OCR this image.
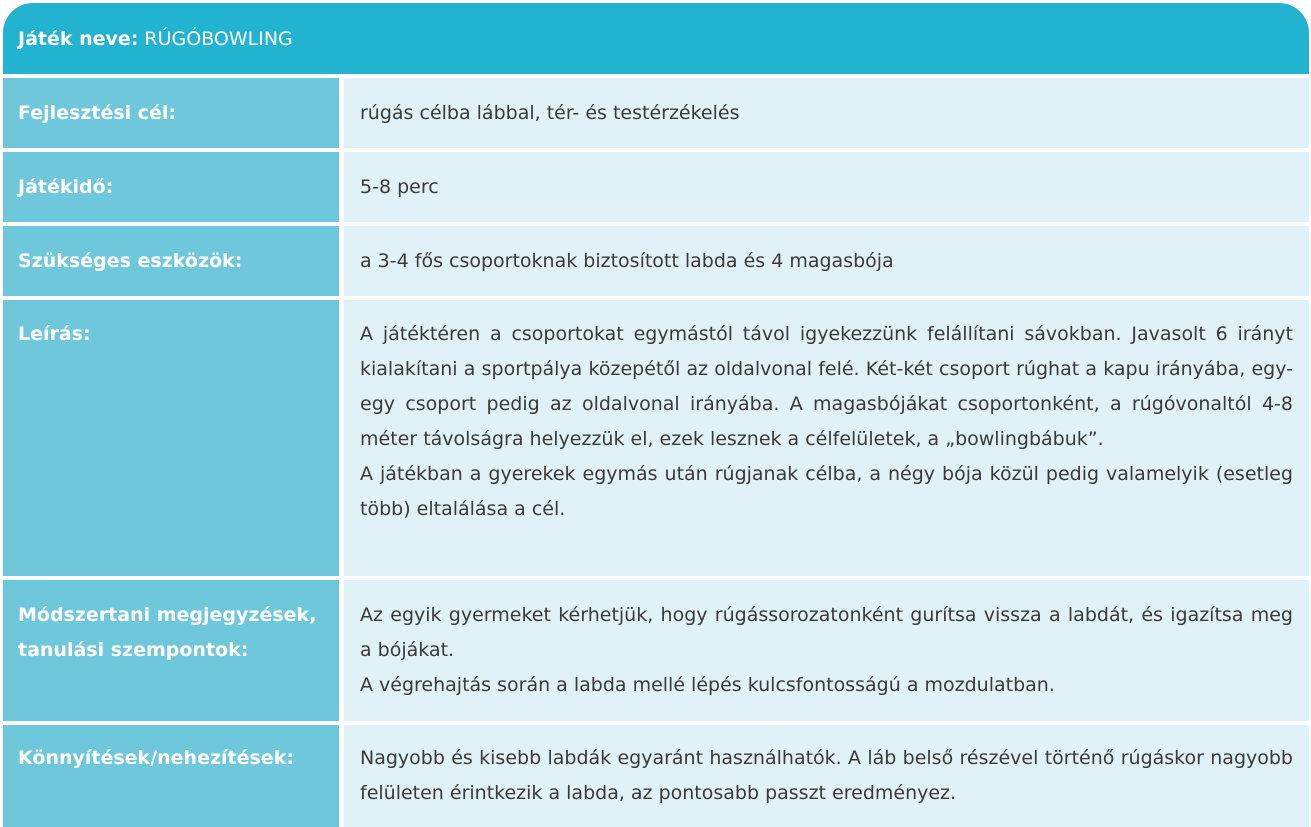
Játék neve: RÚGÓBOWLING
Fejlesztési cél:	rúgás célba lábbal, tér- és testérzékelés
Játékidő:	5-8 perc
Szükséges eszközök:	a 3-4 fős csoportoknak biztosított labda és 4 magasbója
Leírás:	A játéktéren a csoportokat egymástól távol igyekezzünk felállítani sávokban. Javasolt 6 irányt kialakítani a sportpálya közepétől az oldalvonal felé. Két-két csoport rúghat a kapu irányába, egy-egy csoport pedig az oldalvonal irányába. A magasbójákat csoportonként, a rúgóvonaltól 4-8 méter távolságra helyezzük el, ezek lesznek a célfelületek, a „bowlingbábuk”.

A játékban a gyerekek egymás után rúgjanak célba, a négy bója közül pedig valamelyik (esetleg több) eltalálása a cél.

Módszertani megjegyzések, tanulási szempontok:

Az egyik gyermeket kérhetjük, hogy rúgássorozatonként gurítsa vissza a labdát, és igazítsa meg a bójákat.

A végrehajtás során a labda mellé lépés kulcsfontosságú a mozdulatban.

Könnyítések/nehezítések:	Nagyobb és kisebb labdák egyaránt használhatók. A láb belső részével történő rúgáskor nagyobb felületen érintkezik a labda, az pontosabb passzt eredményez.
